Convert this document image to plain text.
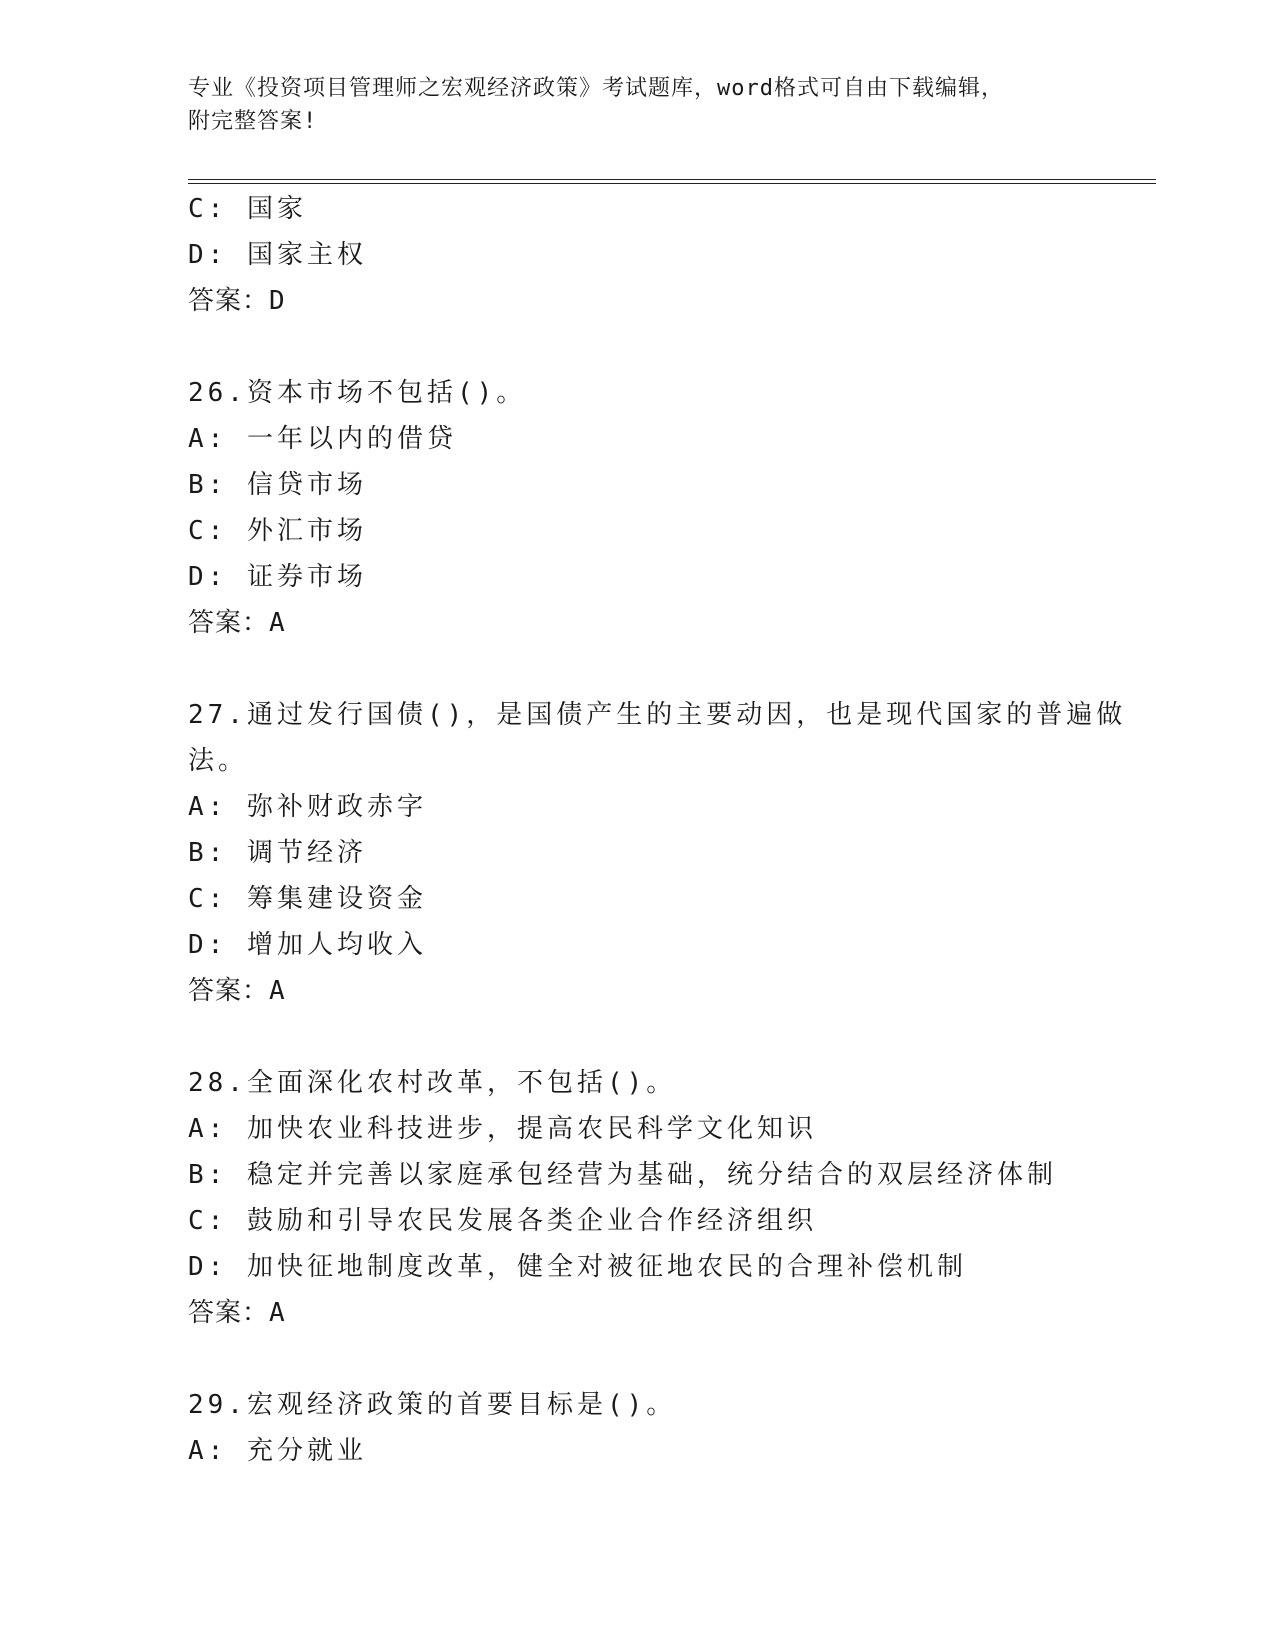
专业《投资项目管理师之宏观经济政策》考试题库，word格式可自由下载编辑，
附完整答案!
C: 国家
D: 国家主权
答案：D
26.资本市场不包括()。
A: 一年以内的借贷
B: 信贷市场
C: 外汇市场
D: 证券市场
答案：A
27.通过发行国债()，是国债产生的主要动因，也是现代国家的普遍做
法。
A: 弥补财政赤字
B: 调节经济
C: 筹集建设资金
D: 增加人均收入
答案：A
28.全面深化农村改革，不包括()。
A: 加快农业科技进步，提高农民科学文化知识
B: 稳定并完善以家庭承包经营为基础，统分结合的双层经济体制
C: 鼓励和引导农民发展各类企业合作经济组织
D: 加快征地制度改革，健全对被征地农民的合理补偿机制
答案：A
29.宏观经济政策的首要目标是()。
A: 充分就业
